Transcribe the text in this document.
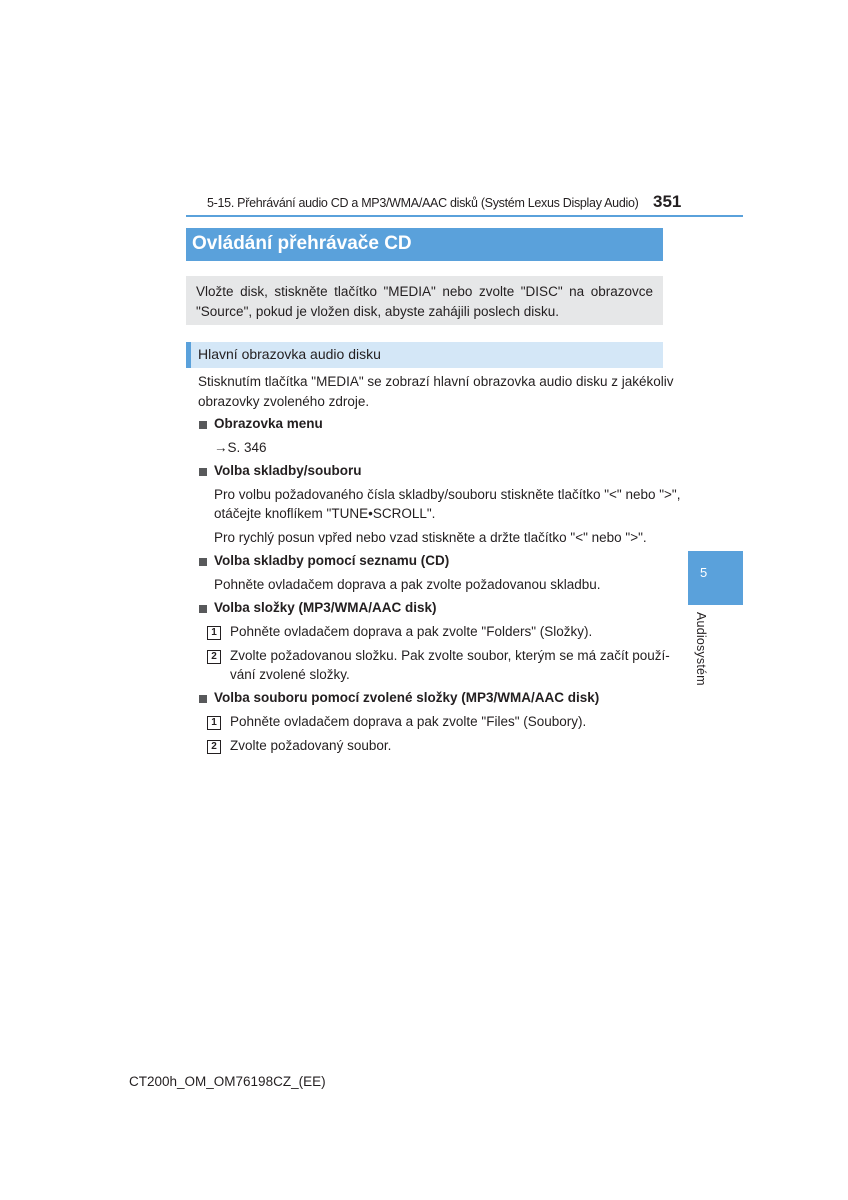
5-15. Přehrávání audio CD a MP3/WMA/AAC disků (Systém Lexus Display Audio) 351
Ovládání přehrávače CD
Vložte disk, stiskněte tlačítko "MEDIA" nebo zvolte "DISC" na obrazovce "Source", pokud je vložen disk, abyste zahájili poslech disku.
Hlavní obrazovka audio disku
Stisknutím tlačítka "MEDIA" se zobrazí hlavní obrazovka audio disku z jakékoliv
obrazovky zvoleného zdroje.
Obrazovka menu
→S. 346
Volba skladby/souboru
Pro volbu požadovaného čísla skladby/souboru stiskněte tlačítko "<" nebo ">",
otáčejte knoflíkem "TUNE•SCROLL".
Pro rychlý posun vpřed nebo vzad stiskněte a držte tlačítko "<" nebo ">".
Volba skladby pomocí seznamu (CD)
Pohněte ovladačem doprava a pak zvolte požadovanou skladbu.
Volba složky (MP3/WMA/AAC disk)
1 Pohněte ovladačem doprava a pak zvolte "Folders" (Složky).
2 Zvolte požadovanou složku. Pak zvolte soubor, kterým se má začít použí-
vání zvolené složky.
Volba souboru pomocí zvolené složky (MP3/WMA/AAC disk)
1 Pohněte ovladačem doprava a pak zvolte "Files" (Soubory).
2 Zvolte požadovaný soubor.
5
Audiosystém
CT200h_OM_OM76198CZ_(EE)
